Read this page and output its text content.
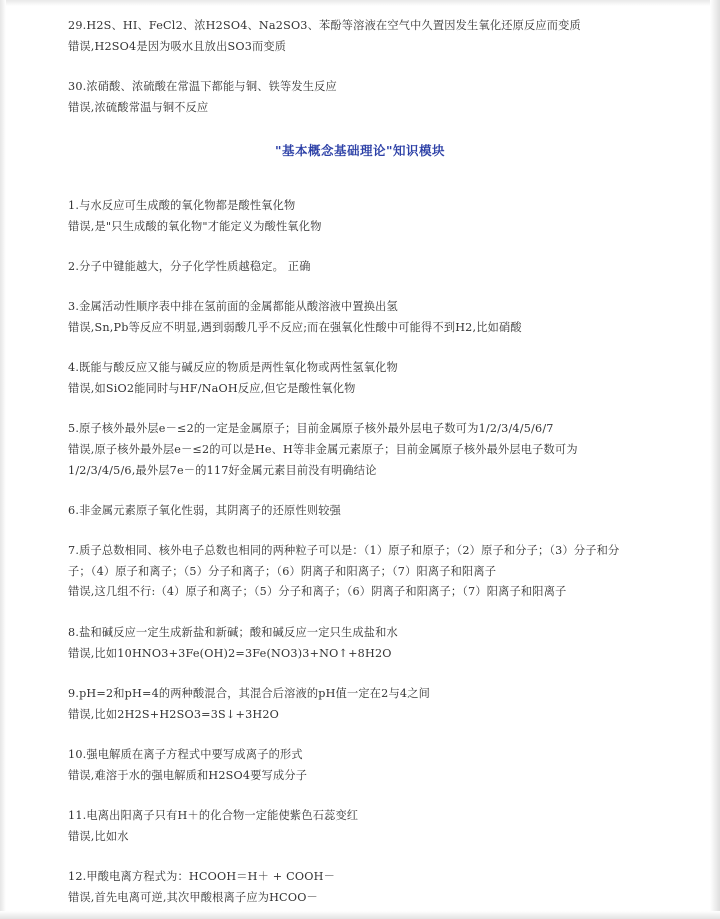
"基本概念基础理论"知识模块
29.H2S、HI、FeCl2、浓H2SO4、Na2SO3、苯酚等溶液在空气中久置因发生氧化还原反应而变质
错误,H2SO4是因为吸水且放出SO3而变质
30.浓硝酸、浓硫酸在常温下都能与铜、铁等发生反应
错误,浓硫酸常温与铜不反应
1.与水反应可生成酸的氧化物都是酸性氧化物
错误,是"只生成酸的氧化物"才能定义为酸性氧化物
2.分子中键能越大，分子化学性质越稳定。 正确
3.金属活动性顺序表中排在氢前面的金属都能从酸溶液中置换出氢
错误,Sn,Pb等反应不明显,遇到弱酸几乎不反应;而在强氧化性酸中可能得不到H2,比如硝酸
4.既能与酸反应又能与碱反应的物质是两性氧化物或两性氢氧化物
错误,如SiO2能同时与HF/NaOH反应,但它是酸性氧化物
5.原子核外最外层e－≤2的一定是金属原子；目前金属原子核外最外层电子数可为1/2/3/4/5/6/7
错误,原子核外最外层e－≤2的可以是He、H等非金属元素原子；目前金属原子核外最外层电子数可为
1/2/3/4/5/6,最外层7e－的117好金属元素目前没有明确结论
6.非金属元素原子氧化性弱，其阴离子的还原性则较强
7.质子总数相同、核外电子总数也相同的两种粒子可以是：（1）原子和原子；（2）原子和分子；（3）分子和分
子；（4）原子和离子；（5）分子和离子；（6）阴离子和阳离子；（7）阳离子和阳离子
错误,这几组不行:（4）原子和离子；（5）分子和离子；（6）阴离子和阳离子；（7）阳离子和阳离子
8.盐和碱反应一定生成新盐和新碱；酸和碱反应一定只生成盐和水
错误,比如10HNO3+3Fe(OH)2=3Fe(NO3)3+NO↑+8H2O
9.pH=2和pH=4的两种酸混合，其混合后溶液的pH值一定在2与4之间
错误,比如2H2S+H2SO3=3S↓+3H2O
10.强电解质在离子方程式中要写成离子的形式
错误,难溶于水的强电解质和H2SO4要写成分子
11.电离出阳离子只有H＋的化合物一定能使紫色石蕊变红
错误,比如水
12.甲酸电离方程式为：HCOOH＝H＋ + COOH－
错误,首先电离可逆,其次甲酸根离子应为HCOO－
